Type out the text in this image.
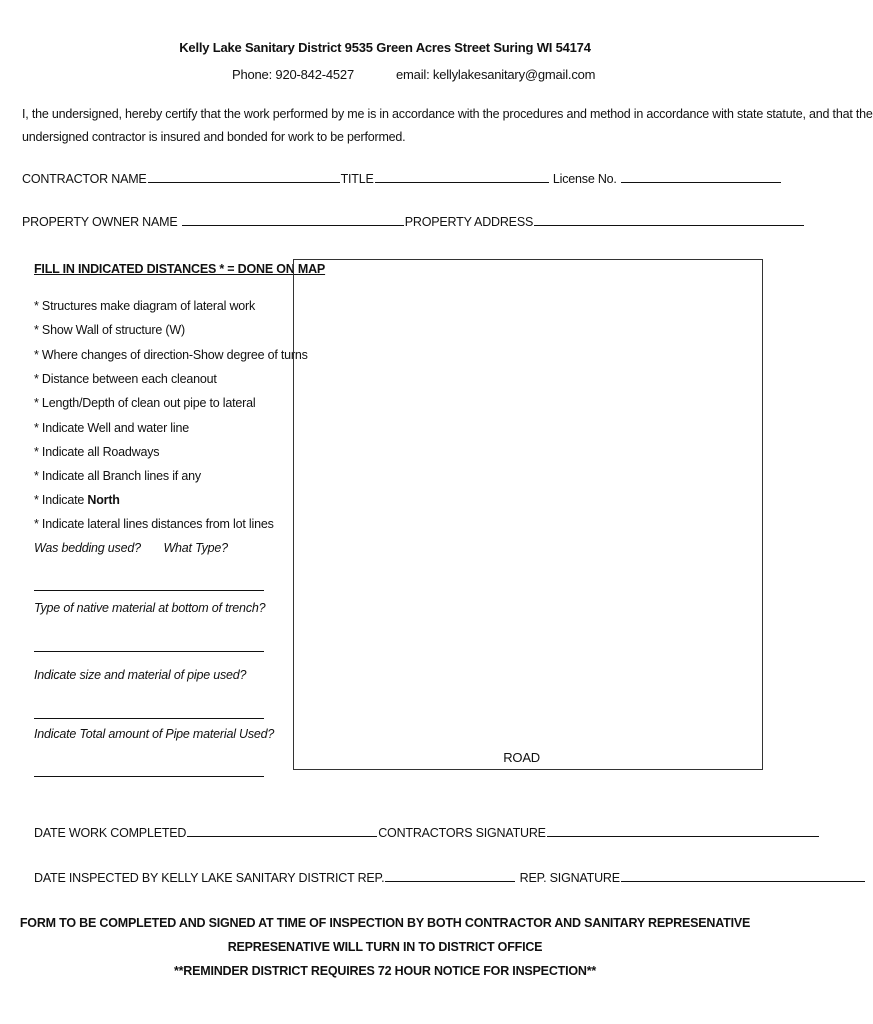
Kelly Lake Sanitary District 9535 Green Acres Street Suring WI 54174
Phone: 920-842-4527	email: kellylakesanitary@gmail.com
I, the undersigned, hereby certify that the work performed by me is in accordance with the procedures and method in accordance with state statute, and that the
undersigned contractor is insured and bonded for work to be performed.
CONTRACTOR NAME	TITLE	License No.
PROPERTY OWNER NAME	PROPERTY ADDRESS
FILL IN INDICATED DISTANCES * = DONE ON MAP
* Structures make diagram of lateral work
* Show Wall of structure (W)
* Where changes of direction-Show degree of turns
* Distance between each cleanout
* Length/Depth of clean out pipe to lateral
* Indicate Well and water line
* Indicate all Roadways
* Indicate all Branch lines if any
* Indicate North
* Indicate lateral lines distances from lot lines
Was bedding used? What Type?
Type of native material at bottom of trench?
Indicate size and material of pipe used?
Indicate Total amount of Pipe material Used?
ROAD
DATE WORK COMPLETED	CONTRACTORS SIGNATURE
DATE INSPECTED BY KELLY LAKE SANITARY DISTRICT REP.	REP. SIGNATURE
FORM TO BE COMPLETED AND SIGNED AT TIME OF INSPECTION BY BOTH CONTRACTOR AND SANITARY REPRESENATIVE
REPRESENATIVE WILL TURN IN TO DISTRICT OFFICE
**REMINDER DISTRICT REQUIRES 72 HOUR NOTICE FOR INSPECTION**
